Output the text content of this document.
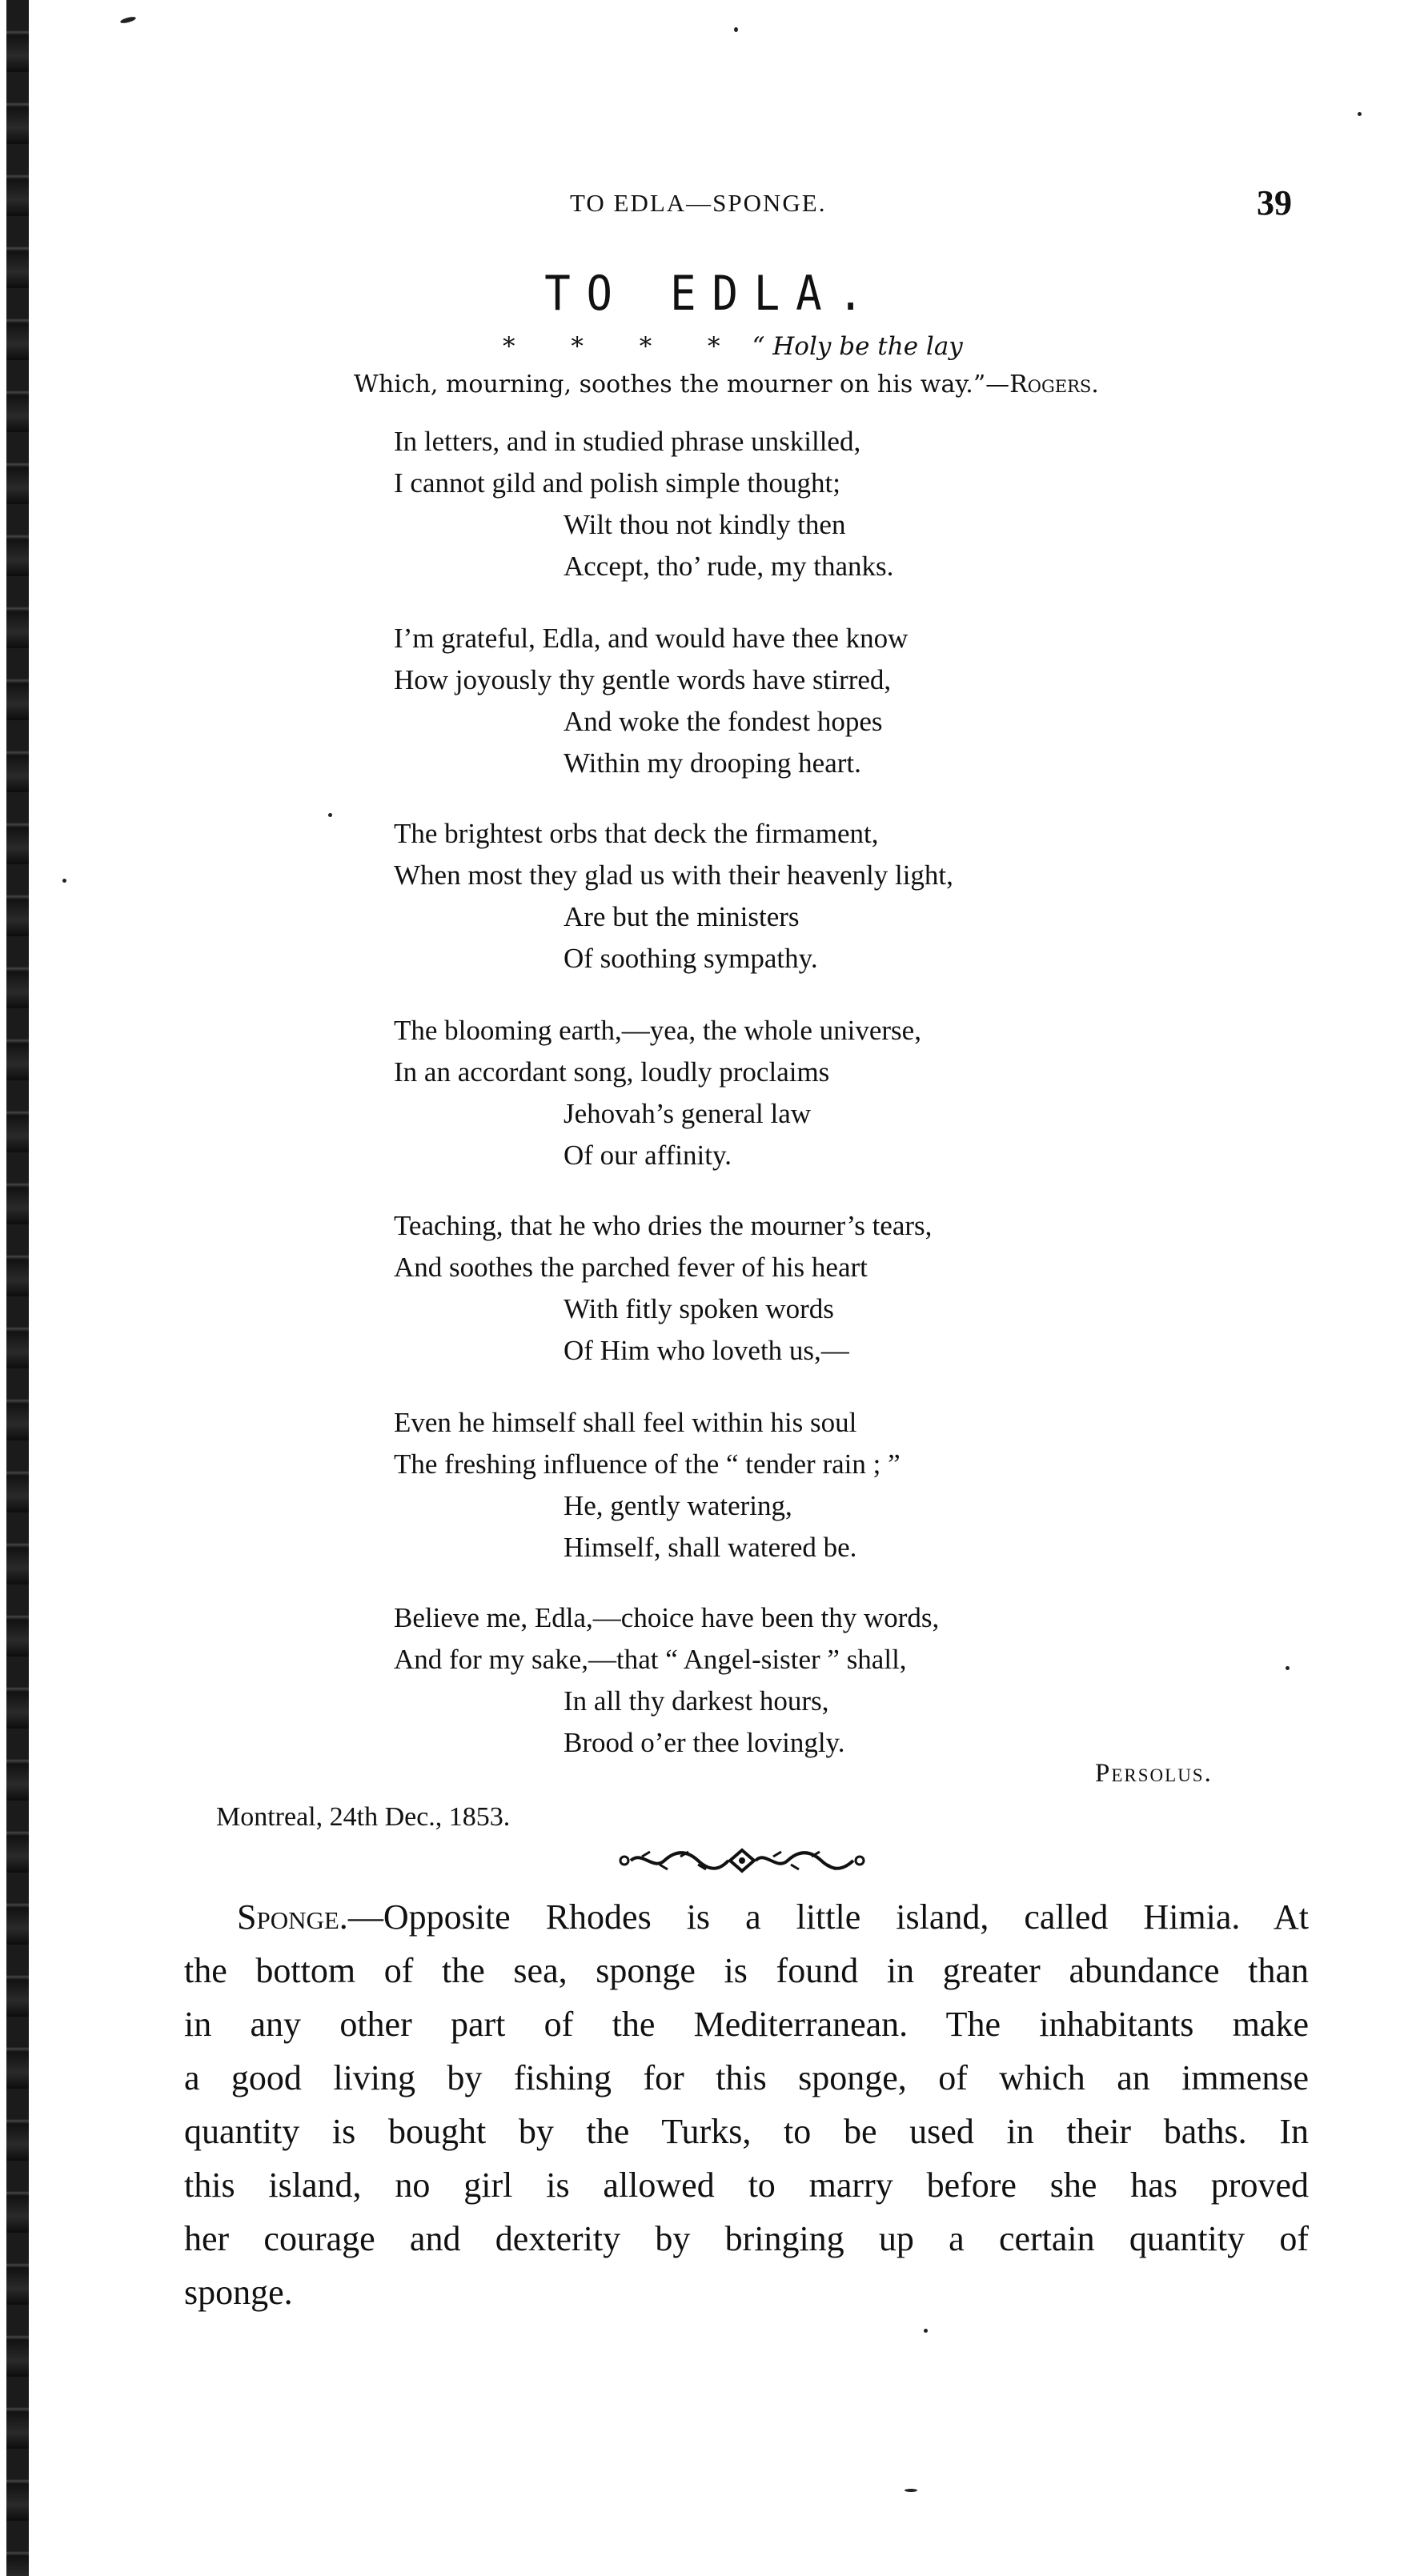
TO EDLA—SPONGE.	39
TO EDLA.
* * * * “ Holy be the lay
Which, mourning, soothes the mourner on his way.”—Rogers.
In letters, and in studied phrase unskilled,
I cannot gild and polish simple thought;
Wilt thou not kindly then
Accept, tho’ rude, my thanks.
I’m grateful, Edla, and would have thee know
How joyously thy gentle words have stirred,
And woke the fondest hopes
Within my drooping heart.
The brightest orbs that deck the firmament,
When most they glad us with their heavenly light,
Are but the ministers
Of soothing sympathy.
The blooming earth,—yea, the whole universe,
In an accordant song, loudly proclaims
Jehovah’s general law
Of our affinity.
Teaching, that he who dries the mourner’s tears,
And soothes the parched fever of his heart
With fitly spoken words
Of Him who loveth us,—
Even he himself shall feel within his soul
The freshing influence of the “ tender rain ; ”
He, gently watering,
Himself, shall watered be.
Believe me, Edla,—choice have been thy words,
And for my sake,—that “ Angel-sister ” shall,
In all thy darkest hours,
Brood o’er thee lovingly.
Persolus.
Montreal, 24th Dec., 1853.
Sponge.—Opposite Rhodes is a little island, called Himia. At
the bottom of the sea, sponge is found in greater abundance than
in any other part of the Mediterranean. The inhabitants make
a good living by fishing for this sponge, of which an immense
quantity is bought by the Turks, to be used in their baths. In
this island, no girl is allowed to marry before she has proved
her courage and dexterity by bringing up a certain quantity of
sponge.
